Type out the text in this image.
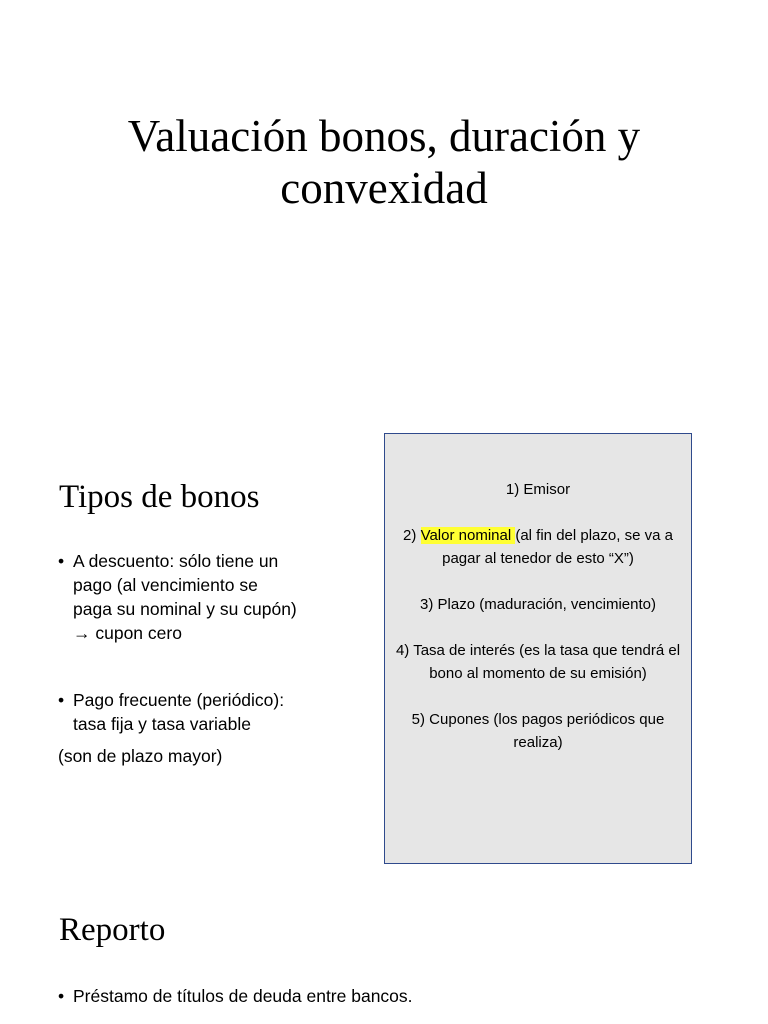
Valuación bonos, duración y
convexidad
Tipos de bonos
• A descuento: sólo tiene un
pago (al vencimiento se
paga su nominal y su cupón)
→ cupon cero
• Pago frecuente (periódico):
tasa fija y tasa variable
(son de plazo mayor)

1) Emisor

2) Valor nominal (al fin del plazo, se va a pagar al tenedor de esto “X”)

3) Plazo (maduración, vencimiento)

4) Tasa de interés (es la tasa que tendrá el bono al momento de su emisión)

5) Cupones (los pagos periódicos que realiza)

Reporto
• Préstamo de títulos de deuda entre bancos.
